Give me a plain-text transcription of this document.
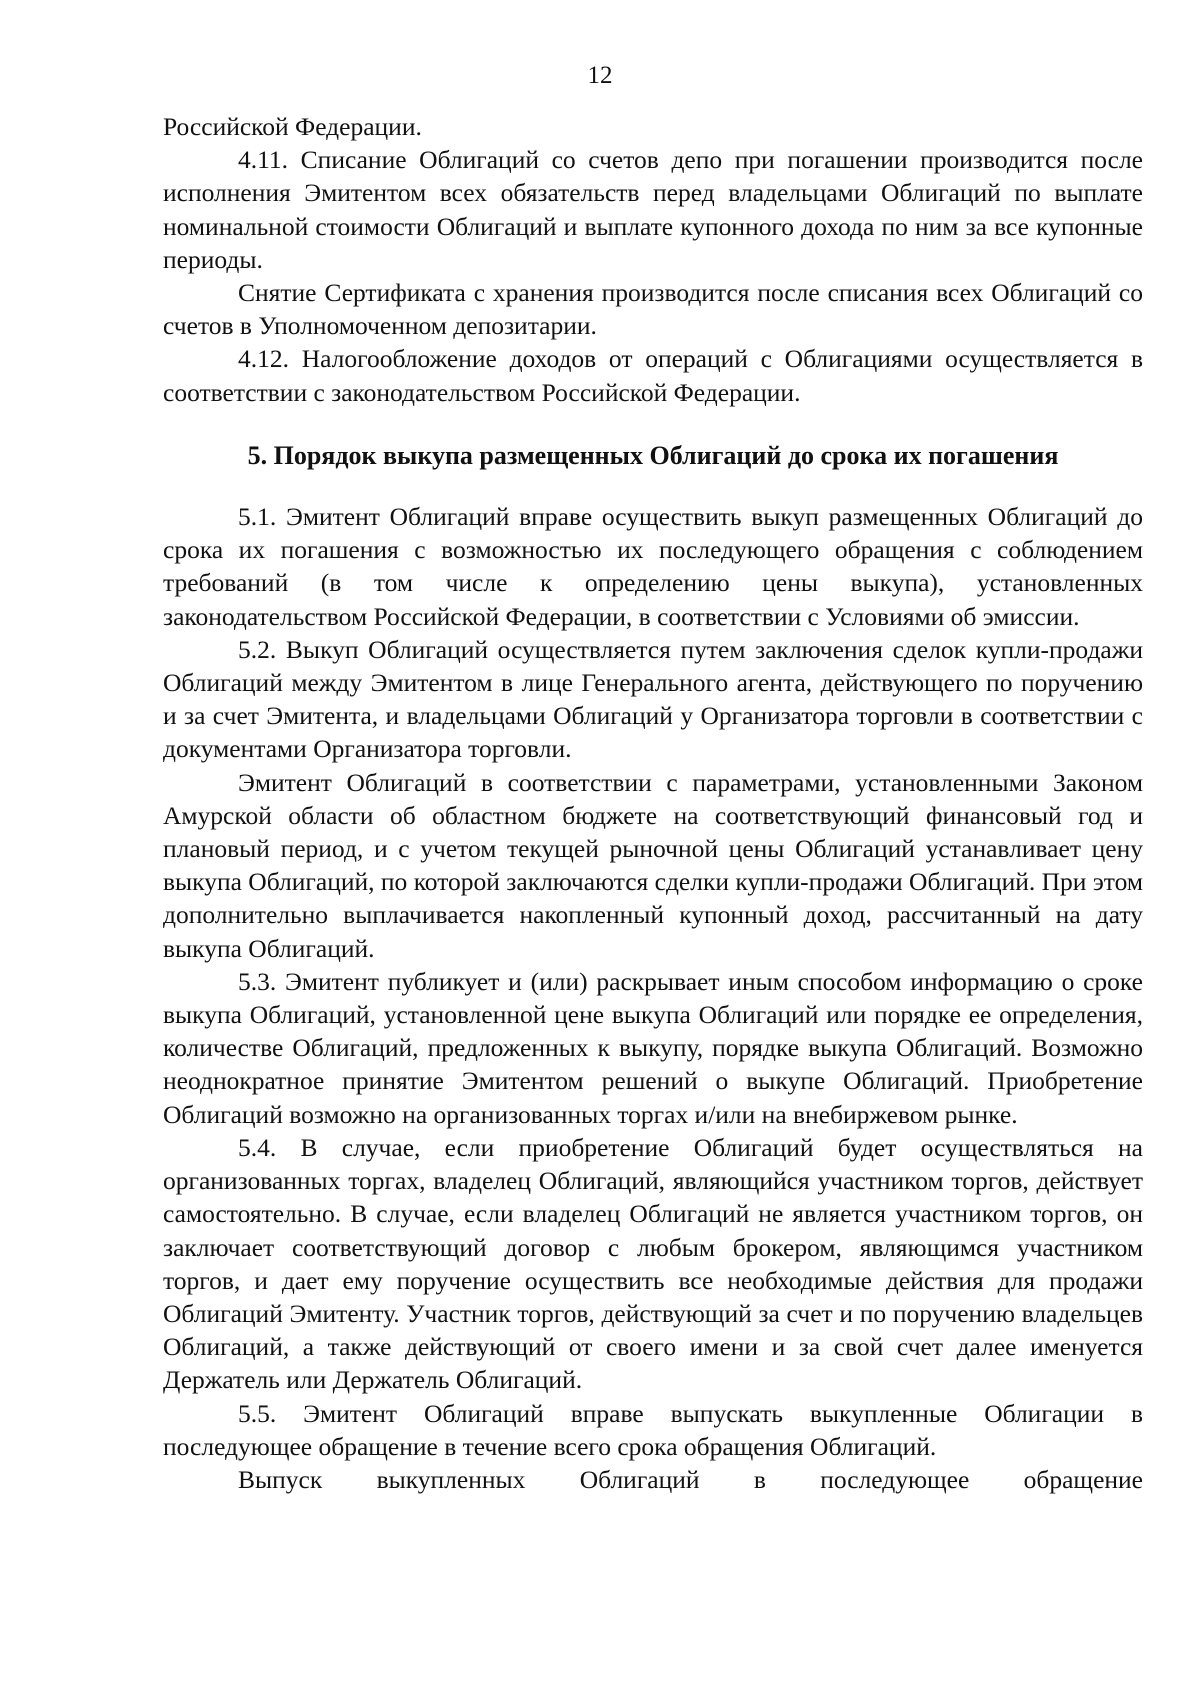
12

Российской Федерации.

4.11. Списание Облигаций со счетов депо при погашении производится после исполнения Эмитентом всех обязательств перед владельцами Облигаций по выплате номинальной стоимости Облигаций и выплате купонного дохода по ним за все купонные периоды.

Снятие Сертификата с хранения производится после списания всех Облигаций со счетов в Уполномоченном депозитарии.

4.12. Налогообложение доходов от операций с Облигациями осуществляется в соответствии с законодательством Российской Федерации.

5. Порядок выкупа размещенных Облигаций до срока их погашения

5.1. Эмитент Облигаций вправе осуществить выкуп размещенных Облигаций до срока их погашения с возможностью их последующего обращения с соблюдением требований (в том числе к определению цены выкупа), установленных законодательством Российской Федерации, в соответствии с Условиями об эмиссии.

5.2. Выкуп Облигаций осуществляется путем заключения сделок купли-продажи Облигаций между Эмитентом в лице Генерального агента, действующего по поручению и за счет Эмитента, и владельцами Облигаций у Организатора торговли в соответствии с документами Организатора торговли.

Эмитент Облигаций в соответствии с параметрами, установленными Законом Амурской области об областном бюджете на соответствующий финансовый год и плановый период, и с учетом текущей рыночной цены Облигаций устанавливает цену выкупа Облигаций, по которой заключаются сделки купли-продажи Облигаций. При этом дополнительно выплачивается накопленный купонный доход, рассчитанный на дату выкупа Облигаций.

5.3. Эмитент публикует и (или) раскрывает иным способом информацию о сроке выкупа Облигаций, установленной цене выкупа Облигаций или порядке ее определения, количестве Облигаций, предложенных к выкупу, порядке выкупа Облигаций. Возможно неоднократное принятие Эмитентом решений о выкупе Облигаций. Приобретение Облигаций возможно на организованных торгах и/или на внебиржевом рынке.

5.4. В случае, если приобретение Облигаций будет осуществляться на организованных торгах, владелец Облигаций, являющийся участником торгов, действует самостоятельно. В случае, если владелец Облигаций не является участником торгов, он заключает соответствующий договор с любым брокером, являющимся участником торгов, и дает ему поручение осуществить все необходимые действия для продажи Облигаций Эмитенту. Участник торгов, действующий за счет и по поручению владельцев Облигаций, а также действующий от своего имени и за свой счет далее именуется Держатель или Держатель Облигаций.

5.5. Эмитент Облигаций вправе выпускать выкупленные Облигации в последующее обращение в течение всего срока обращения Облигаций.

Выпуск выкупленных Облигаций в последующее обращение
